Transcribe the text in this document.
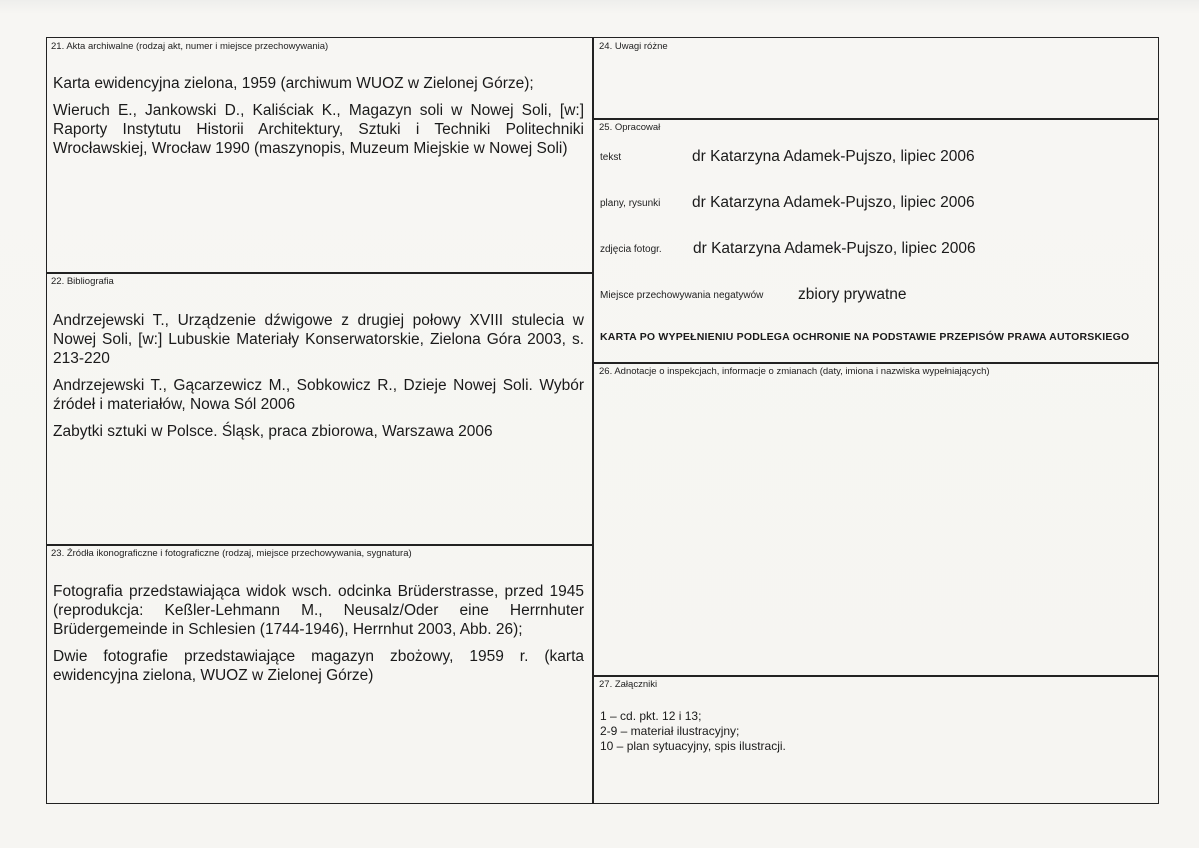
21. Akta archiwalne (rodzaj akt, numer i miejsce przechowywania)

Karta ewidencyjna zielona, 1959 (archiwum WUOZ w Zielonej Górze);

Wieruch E., Jankowski D., Kaliściak K., Magazyn soli w Nowej Soli, [w:] Raporty Instytutu Historii Architektury, Sztuki i Techniki Politechniki Wrocławskiej, Wrocław 1990 (maszynopis, Muzeum Miejskie w Nowej Soli)

22. Bibliografia

Andrzejewski T., Urządzenie dźwigowe z drugiej połowy XVIII stulecia w Nowej Soli, [w:] Lubuskie Materiały Konserwatorskie, Zielona Góra 2003, s. 213-220

Andrzejewski T., Gącarzewicz M., Sobkowicz R., Dzieje Nowej Soli. Wybór źródeł i materiałów, Nowa Sól 2006

Zabytki sztuki w Polsce. Śląsk, praca zbiorowa, Warszawa 2006

23. Źródła ikonograficzne i fotograficzne (rodzaj, miejsce przechowywania, sygnatura)

Fotografia przedstawiająca widok wsch. odcinka Brüderstrasse, przed 1945 (reprodukcja: Keßler-Lehmann M., Neusalz/Oder eine Herrnhuter Brüdergemeinde in Schlesien (1744-1946), Herrnhut 2003, Abb. 26);

Dwie fotografie przedstawiające magazyn zbożowy, 1959 r. (karta ewidencyjna zielona, WUOZ w Zielonej Górze)

24. Uwagi różne
25. Opracował
tekst	dr Katarzyna Adamek-Pujszo, lipiec 2006
plany, rysunki dr Katarzyna Adamek-Pujszo, lipiec 2006
zdjęcia fotogr. dr Katarzyna Adamek-Pujszo, lipiec 2006
Miejsce przechowywania negatywów zbiory prywatne
KARTA PO WYPEŁNIENIU PODLEGA OCHRONIE NA PODSTAWIE PRZEPISÓW PRAWA AUTORSKIEGO
26. Adnotacje o inspekcjach, informacje o zmianach (daty, imiona i nazwiska wypełniających)
27. Załączniki
1 – cd. pkt. 12 i 13;
2-9 – materiał ilustracyjny;
10 – plan sytuacyjny, spis ilustracji.
